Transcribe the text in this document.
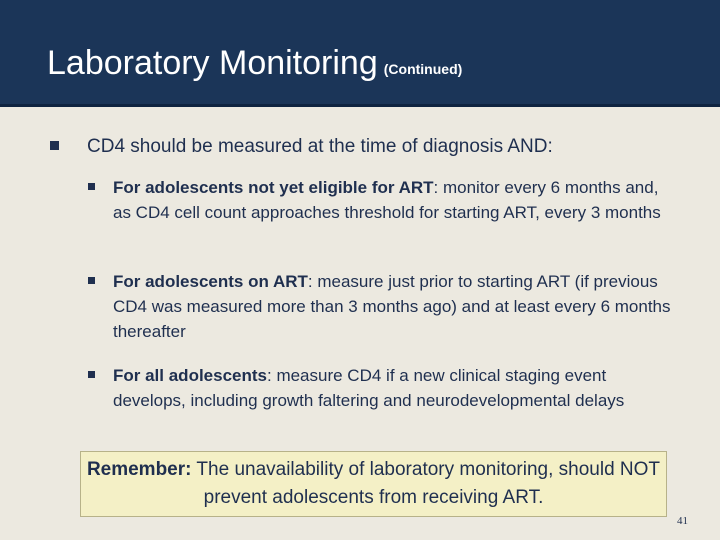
Laboratory Monitoring (Continued)
CD4 should be measured at the time of diagnosis AND:
For adolescents not yet eligible for ART: monitor every 6 months and, as CD4 cell count approaches threshold for starting ART, every 3 months
For adolescents on ART: measure just prior to starting ART (if previous CD4 was measured more than 3 months ago) and at least every 6 months thereafter
For all adolescents: measure CD4 if a new clinical staging event develops, including growth faltering and neurodevelopmental delays
Remember: The unavailability of laboratory monitoring, should NOT prevent adolescents from receiving ART.
41
